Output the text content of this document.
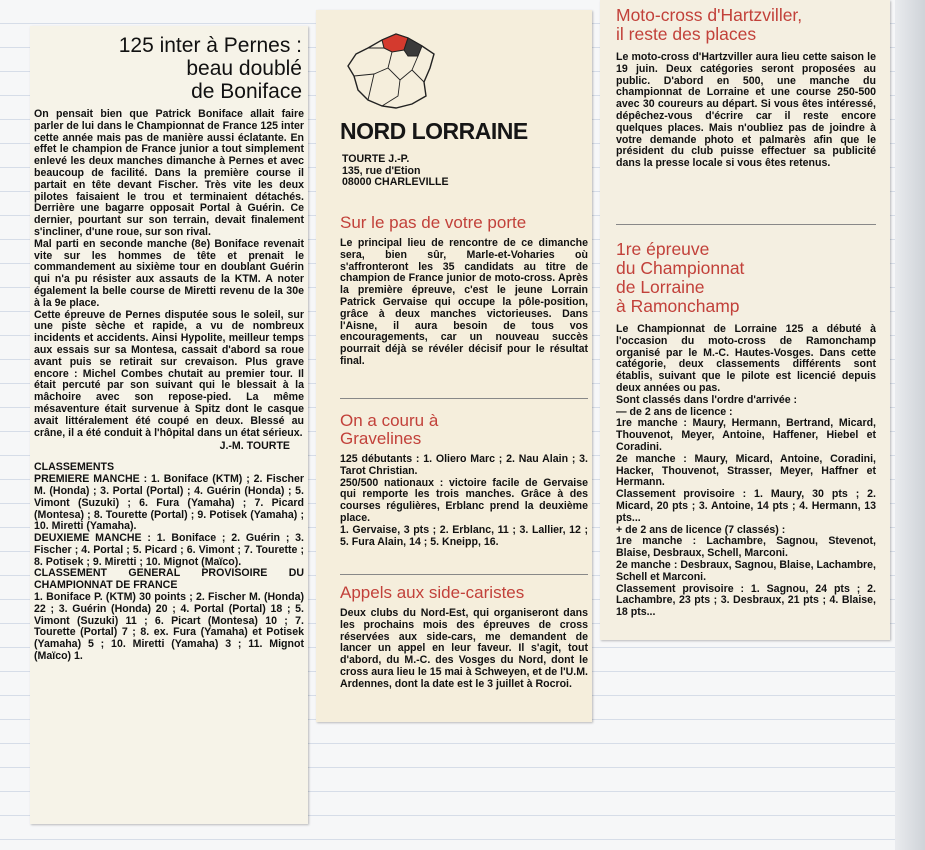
125 inter à Pernes :
beau doublé
de Boniface

On pensait bien que Patrick Boniface allait faire parler de lui dans le Championnat de France 125 inter cette année mais pas de manière aussi éclatante. En effet le champion de France junior a tout simplement enlevé les deux manches dimanche à Pernes et avec beaucoup de facilité. Dans la première course il partait en tête devant Fischer. Très vite les deux pilotes faisaient le trou et terminaient détachés. Derrière une bagarre opposait Portal à Guérin. Ce dernier, pourtant sur son terrain, devait finalement s'incliner, d'une roue, sur son rival.
Mal parti en seconde manche (8e) Boniface revenait vite sur les hommes de tête et prenait le commandement au sixième tour en doublant Guérin qui n'a pu résister aux assauts de la KTM. A noter également la belle course de Miretti revenu de la 30e à la 9e place.
Cette épreuve de Pernes disputée sous le soleil, sur une piste sèche et rapide, a vu de nombreux incidents et accidents. Ainsi Hypolite, meilleur temps aux essais sur sa Montesa, cassait d'abord sa roue avant puis se retirait sur crevaison. Plus grave encore : Michel Combes chutait au premier tour. Il était percuté par son suivant qui le blessait à la mâchoire avec son repose-pied. La même mésaventure était survenue à Spitz dont le casque avait littéralement été coupé en deux. Blessé au crâne, il a été conduit à l'hôpital dans un état sérieux.

J.-M. TOURTE

CLASSEMENTS
PREMIERE MANCHE : 1. Boniface (KTM) ; 2. Fischer M. (Honda) ; 3. Portal (Portal) ; 4. Guérin (Honda) ; 5. Vimont (Suzuki) ; 6. Fura (Yamaha) ; 7. Picard (Montesa) ; 8. Tourette (Portal) ; 9. Potisek (Yamaha) ; 10. Miretti (Yamaha).
DEUXIEME MANCHE : 1. Boniface ; 2. Guérin ; 3. Fischer ; 4. Portal ; 5. Picard ; 6. Vimont ; 7. Tourette ; 8. Potisek ; 9. Miretti ; 10. Mignot (Maïco).
CLASSEMENT GENERAL PROVISOIRE DU CHAMPIONNAT DE FRANCE
1. Boniface P. (KTM) 30 points ; 2. Fischer M. (Honda) 22 ; 3. Guérin (Honda) 20 ; 4. Portal (Portal) 18 ; 5. Vimont (Suzuki) 11 ; 6. Picart (Montesa) 10 ; 7. Tourette (Portal) 7 ; 8. ex. Fura (Yamaha) et Potisek (Yamaha) 5 ; 10. Miretti (Yamaha) 3 ; 11. Mignot (Maïco) 1.

NORD LORRAINE
TOURTE J.-P.
135, rue d'Etion
08000 CHARLEVILLE
Sur le pas de votre porte

Le principal lieu de rencontre de ce dimanche sera, bien sûr, Marle-et-Voharies où s'affronteront les 35 candidats au titre de champion de France junior de moto-cross. Après la première épreuve, c'est le jeune Lorrain Patrick Gervaise qui occupe la pôle-position, grâce à deux manches victorieuses. Dans l'Aisne, il aura besoin de tous vos encouragements, car un nouveau succès pourrait déjà se révéler décisif pour le résultat final.

On a couru à
Gravelines

125 débutants : 1. Oliero Marc ; 2. Nau Alain ; 3. Tarot Christian.
250/500 nationaux : victoire facile de Gervaise qui remporte les trois manches. Grâce à des courses régulières, Erblanc prend la deuxième place.
1. Gervaise, 3 pts ; 2. Erblanc, 11 ; 3. Lallier, 12 ; 5. Fura Alain, 14 ; 5. Kneipp, 16.

Appels aux side-caristes

Deux clubs du Nord-Est, qui organiseront dans les prochains mois des épreuves de cross réservées aux side-cars, me demandent de lancer un appel en leur faveur. Il s'agit, tout d'abord, du M.-C. des Vosges du Nord, dont le cross aura lieu le 15 mai à Schweyen, et de l'U.M. Ardennes, dont la date est le 3 juillet à Rocroi.

Moto-cross d'Hartzviller,
il reste des places

Le moto-cross d'Hartzviller aura lieu cette saison le 19 juin. Deux catégories seront proposées au public. D'abord en 500, une manche du championnat de Lorraine et une course 250-500 avec 30 coureurs au départ. Si vous êtes intéressé, dépêchez-vous d'écrire car il reste encore quelques places. Mais n'oubliez pas de joindre à votre demande photo et palmarès afin que le président du club puisse effectuer sa publicité dans la presse locale si vous êtes retenus.

1re épreuve
du Championnat
de Lorraine
à Ramonchamp

Le Championnat de Lorraine 125 a débuté à l'occasion du moto-cross de Ramonchamp organisé par le M.-C. Hautes-Vosges. Dans cette catégorie, deux classements différents sont établis, suivant que le pilote est licencié depuis deux années ou pas.
Sont classés dans l'ordre d'arrivée :
— de 2 ans de licence :
1re manche : Maury, Hermann, Bertrand, Micard, Thouvenot, Meyer, Antoine, Haffener, Hiebel et Coradini.
2e manche : Maury, Micard, Antoine, Coradini, Hacker, Thouvenot, Strasser, Meyer, Haffner et Hermann.
Classement provisoire : 1. Maury, 30 pts ; 2. Micard, 20 pts ; 3. Antoine, 14 pts ; 4. Hermann, 13 pts...
+ de 2 ans de licence (7 classés) :
1re manche : Lachambre, Sagnou, Stevenot, Blaise, Desbraux, Schell, Marconi.
2e manche : Desbraux, Sagnou, Blaise, Lachambre, Schell et Marconi.
Classement provisoire : 1. Sagnou, 24 pts ; 2. Lachambre, 23 pts ; 3. Desbraux, 21 pts ; 4. Blaise, 18 pts...
